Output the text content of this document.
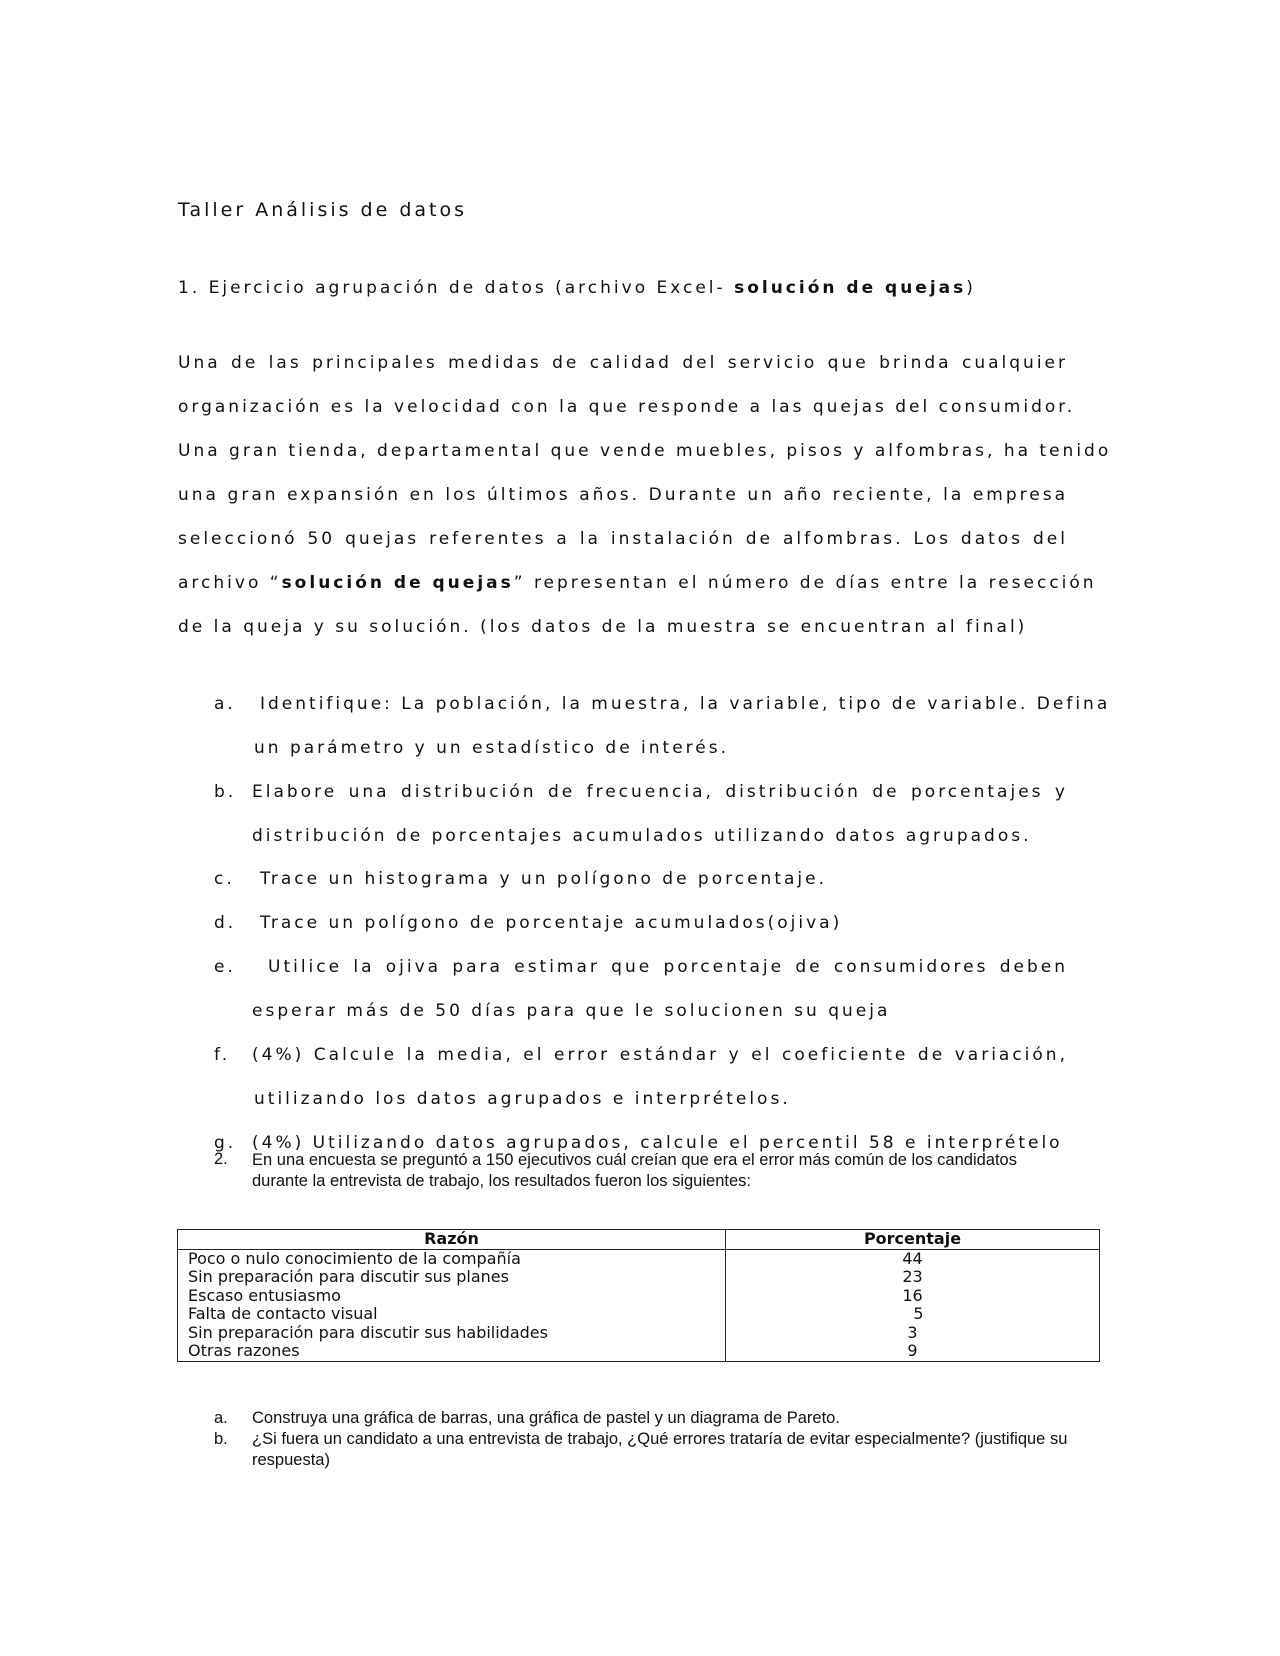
Taller Análisis de datos
1. Ejercicio agrupación de datos (archivo Excel- solución de quejas)
Una de las principales medidas de calidad del servicio que brinda cualquier
organización es la velocidad con la que responde a las quejas del consumidor.
Una gran tienda, departamental que vende muebles, pisos y alfombras, ha tenido
una gran expansión en los últimos años. Durante un año reciente, la empresa
seleccionó 50 quejas referentes a la instalación de alfombras. Los datos del
archivo “solución de quejas” representan el número de días entre la resección
de la queja y su solución. (los datos de la muestra se encuentran al final)
a. Identifique: La población, la muestra, la variable, tipo de variable. Defina
un parámetro y un estadístico de interés.
b. Elabore una distribución de frecuencia, distribución de porcentajes y
distribución de porcentajes acumulados utilizando datos agrupados.
c. Trace un histograma y un polígono de porcentaje.
d. Trace un polígono de porcentaje acumulados(ojiva)
e. Utilice la ojiva para estimar que porcentaje de consumidores deben
esperar más de 50 días para que le solucionen su queja
f. (4%) Calcule la media, el error estándar y el coeficiente de variación,
utilizando los datos agrupados e interprételos.
g. (4%) Utilizando datos agrupados, calcule el percentil 58 e interprételo
2. En una encuesta se preguntó a 150 ejecutivos cuál creían que era el error más común de los candidatos durante la entrevista de trabajo, los resultados fueron los siguientes:
Razón	Porcentaje
Poco o nulo conocimiento de la compañía	44
Sin preparación para discutir sus planes	23
Escaso entusiasmo	16
Falta de contacto visual	5
Sin preparación para discutir sus habilidades	3
Otras razones	9
a. Construya una gráfica de barras, una gráfica de pastel y un diagrama de Pareto.
b. ¿Si fuera un candidato a una entrevista de trabajo, ¿Qué errores trataría de evitar especialmente? (justifique su respuesta)
